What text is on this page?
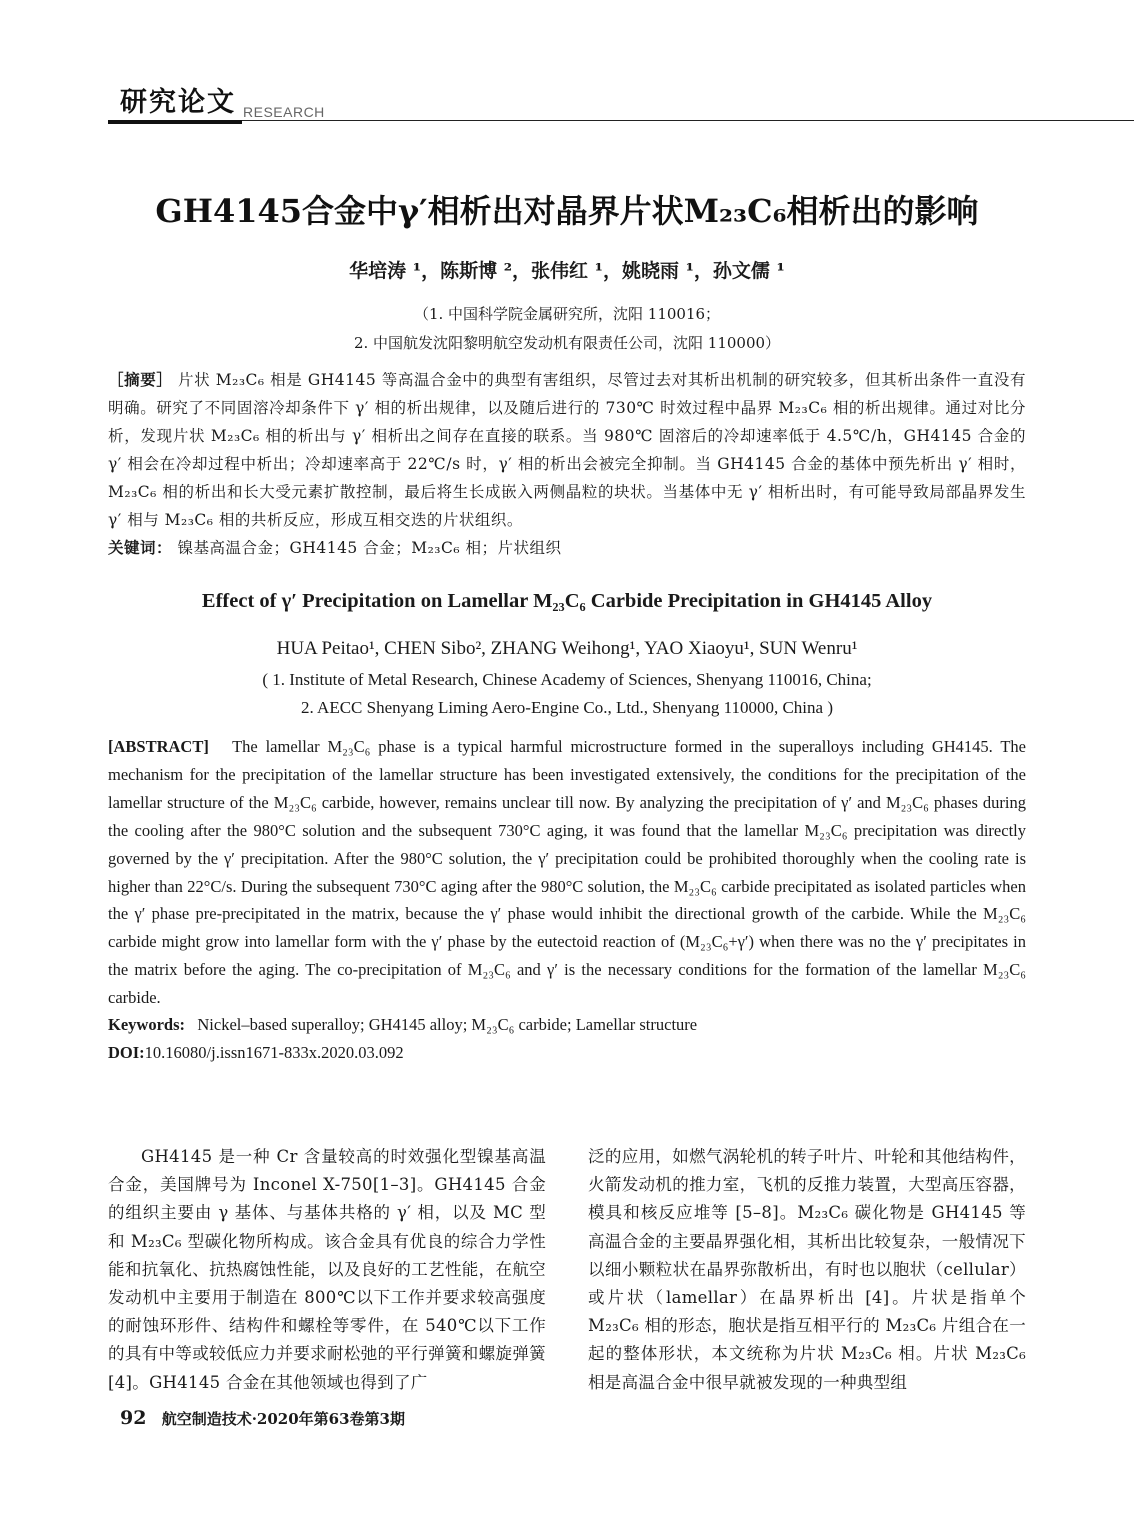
研究论文 RESEARCH
GH4145合金中γ′相析出对晶界片状M₂₃C₆相析出的影响
华培涛 ¹，陈斯博 ²，张伟红 ¹，姚晓雨 ¹，孙文儒 ¹
（1. 中国科学院金属研究所，沈阳 110016；
2. 中国航发沈阳黎明航空发动机有限责任公司，沈阳 110000）
［摘要］ 片状 M₂₃C₆ 相是 GH4145 等高温合金中的典型有害组织，尽管过去对其析出机制的研究较多，但其析出条件一直没有明确。研究了不同固溶冷却条件下 γ′ 相的析出规律，以及随后进行的 730℃ 时效过程中晶界 M₂₃C₆ 相的析出规律。通过对比分析，发现片状 M₂₃C₆ 相的析出与 γ′ 相析出之间存在直接的联系。当 980℃ 固溶后的冷却速率低于 4.5℃/h，GH4145 合金的 γ′ 相会在冷却过程中析出；冷却速率高于 22℃/s 时，γ′ 相的析出会被完全抑制。当 GH4145 合金的基体中预先析出 γ′ 相时，M₂₃C₆ 相的析出和长大受元素扩散控制，最后将生长成嵌入两侧晶粒的块状。当基体中无 γ′ 相析出时，有可能导致局部晶界发生 γ′ 相与 M₂₃C₆ 相的共析反应，形成互相交迭的片状组织。
关键词： 镍基高温合金；GH4145 合金；M₂₃C₆ 相；片状组织
Effect of γ′ Precipitation on Lamellar M₂₃C₆ Carbide Precipitation in GH4145 Alloy
HUA Peitao¹, CHEN Sibo², ZHANG Weihong¹, YAO Xiaoyu¹, SUN Wenru¹
( 1. Institute of Metal Research, Chinese Academy of Sciences, Shenyang 110016, China;
2. AECC Shenyang Liming Aero-Engine Co., Ltd., Shenyang 110000, China )
[ABSTRACT] The lamellar M₂₃C₆ phase is a typical harmful microstructure formed in the superalloys including GH4145. The mechanism for the precipitation of the lamellar structure has been investigated extensively, the conditions for the precipitation of the lamellar structure of the M₂₃C₆ carbide, however, remains unclear till now. By analyzing the precipitation of γ′ and M₂₃C₆ phases during the cooling after the 980°C solution and the subsequent 730°C aging, it was found that the lamellar M₂₃C₆ precipitation was directly governed by the γ′ precipitation. After the 980°C solution, the γ′ precipitation could be prohibited thoroughly when the cooling rate is higher than 22°C/s. During the subsequent 730°C aging after the 980°C solution, the M₂₃C₆ carbide precipitated as isolated particles when the γ′ phase pre-precipitated in the matrix, because the γ′ phase would inhibit the directional growth of the carbide. While the M₂₃C₆ carbide might grow into lamellar form with the γ′ phase by the eutectoid reaction of (M₂₃C₆+γ′) when there was no the γ′ precipitates in the matrix before the aging. The co-precipitation of M₂₃C₆ and γ′ is the necessary conditions for the formation of the lamellar M₂₃C₆ carbide.
Keywords: Nickel–based superalloy; GH4145 alloy; M₂₃C₆ carbide; Lamellar structure
DOI:10.16080/j.issn1671-833x.2020.03.092

GH4145 是一种 Cr 含量较高的时效强化型镍基高温合金，美国牌号为 Inconel X-750[1–3]。GH4145 合金的组织主要由 γ 基体、与基体共格的 γ′ 相，以及 MC 型和 M₂₃C₆ 型碳化物所构成。该合金具有优良的综合力学性能和抗氧化、抗热腐蚀性能，以及良好的工艺性能，在航空发动机中主要用于制造在 800℃以下工作并要求较高强度的耐蚀环形件、结构件和螺栓等零件，在 540℃以下工作的具有中等或较低应力并要求耐松弛的平行弹簧和螺旋弹簧 [4]。GH4145 合金在其他领域也得到了广

泛的应用，如燃气涡轮机的转子叶片、叶轮和其他结构件，火箭发动机的推力室，飞机的反推力装置，大型高压容器，模具和核反应堆等 [5–8]。M₂₃C₆ 碳化物是 GH4145 等高温合金的主要晶界强化相，其析出比较复杂，一般情况下以细小颗粒状在晶界弥散析出，有时也以胞状（cellular）或片状（lamellar）在晶界析出 [4]。片状是指单个 M₂₃C₆ 相的形态，胞状是指互相平行的 M₂₃C₆ 片组合在一起的整体形状，本文统称为片状 M₂₃C₆ 相。片状 M₂₃C₆ 相是高温合金中很早就被发现的一种典型组

92 航空制造技术·2020年第63卷第3期
